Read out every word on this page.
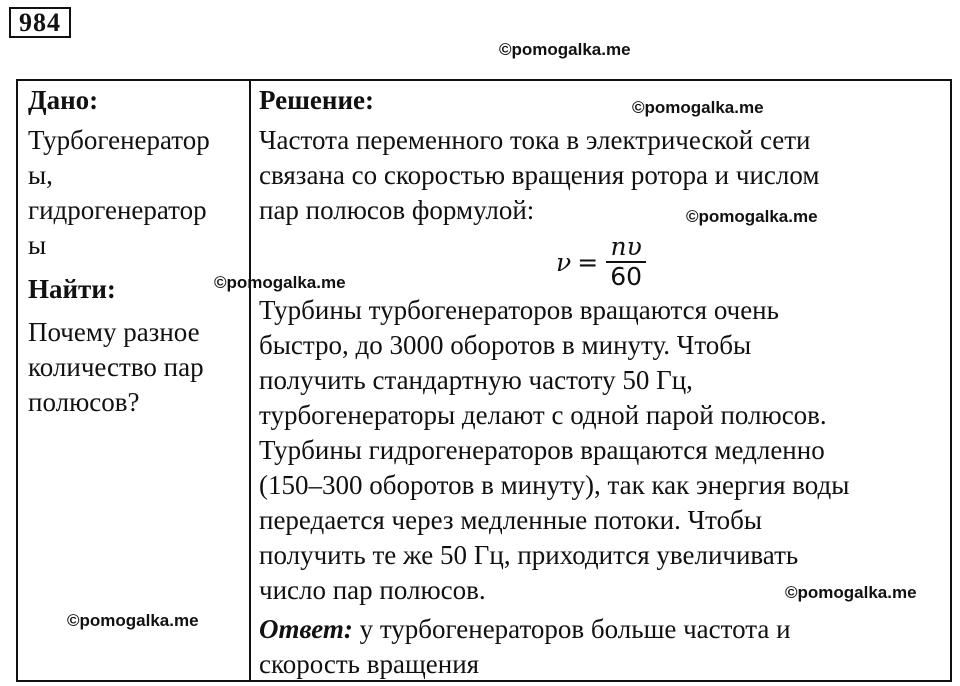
984
©pomogalka.me
Дано:
Турбогенератор
ы,
гидрогенератор
ы
Найти:
Почему разное
количество пар
полюсов?
Решение:
Частота переменного тока в электрической сети
связана со скоростью вращения ротора и числом
пар полюсов формулой:
$\nu = \frac{n\upsilon}{60}$
Турбины турбогенераторов вращаются очень
быстро, до 3000 оборотов в минуту. Чтобы
получить стандартную частоту 50 Гц,
турбогенераторы делают с одной парой полюсов.
Турбины гидрогенераторов вращаются медленно
(150–300 оборотов в минуту), так как энергия воды
передается через медленные потоки. Чтобы
получить те же 50 Гц, приходится увеличивать
число пар полюсов.
Ответ: у турбогенераторов больше частота и
скорость вращения
©pomogalka.me
©pomogalka.me
©pomogalka.me
©pomogalka.me
©pomogalka.me
